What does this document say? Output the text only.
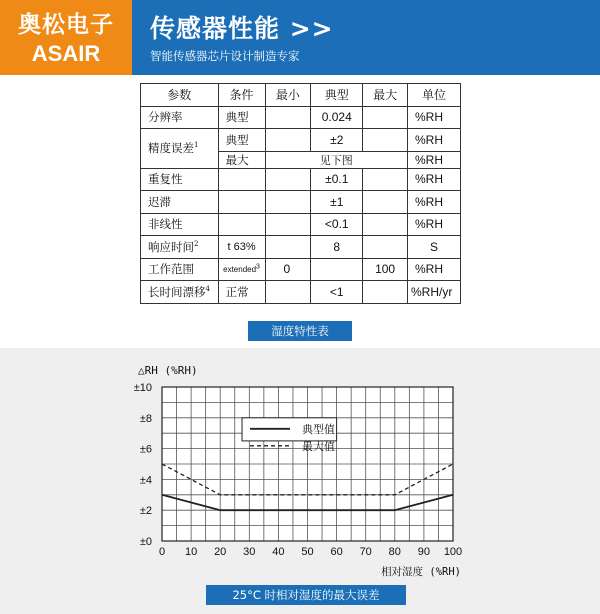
奥松电子
ASAIR
传感器性能 >>
智能传感器芯片设计制造专家
参数	条件	最小	典型	最大	单位
分辨率	典型		0.024		%RH
精度误差$^1$	典型		±2		%RH
	最大	见下图			%RH
重复性			±0.1		%RH
迟滞			±1		%RH
非线性			<0.1		%RH
响应时间$^2$	t 63%		8		S
工作范围	extended$^3$	0		100	%RH
长时间漂移$^4$	正常		<1		%RH/yr
湿度特性表
典型值
最大值
±0
±2
±4
±6
±8
±10
0 10 20 30 40 50 60 70 80 90 100
△RH (%RH)
相对湿度 (%RH)
25°C 时相对湿度的最大误差
